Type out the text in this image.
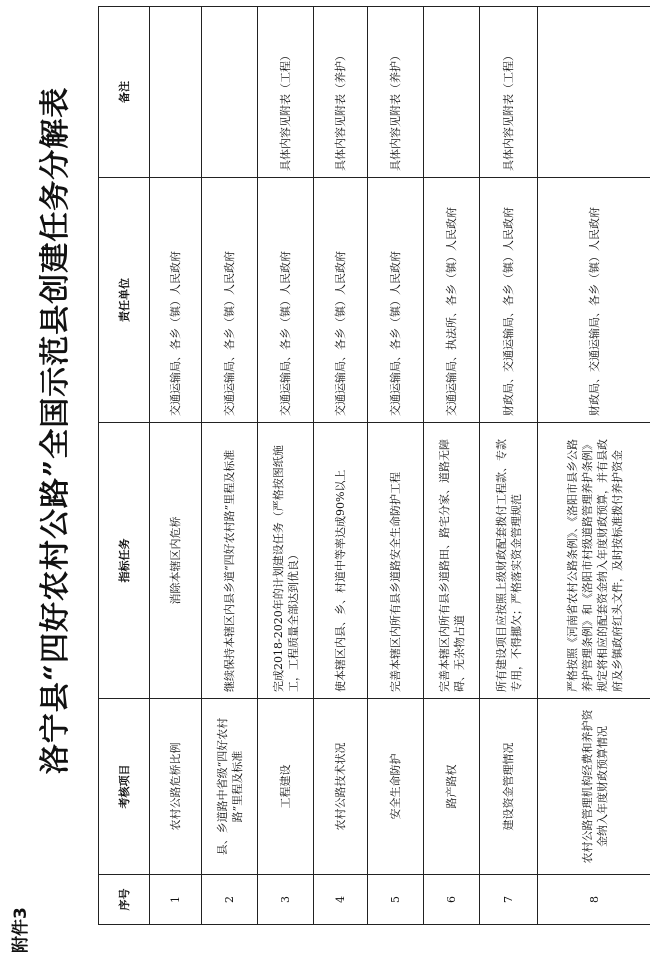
附件3
洛宁县“四好农村公路”全国示范县创建任务分解表
序号	考核项目	指标任务	责任单位	备注
1	农村公路危桥比例	消除本辖区内危桥	交通运输局、各乡（镇）人民政府	
2	县、乡道路中省级“四好农村路”里程及标准	继续保持本辖区内县乡道“四好农村路”里程及标准	交通运输局、各乡（镇）人民政府	
3	工程建设	完成2018-2020年的计划建设任务（严格按图纸施工，工程质量全部达到优良）	交通运输局、各乡（镇）人民政府	具体内容见附表（工程）
4	农村公路技术状况	使本辖区内县、乡、村道中等率达成90%以上	交通运输局、各乡（镇）人民政府	具体内容见附表（养护）
5	安全生命防护	完善本辖区内所有县乡道路安全生命防护工程	交通运输局、各乡（镇）人民政府	具体内容见附表（养护）
6	路产路权	完善本辖区内所有县乡道路田、路宅分家、道路无障碍、无杂物占道	交通运输局、执法所、各乡（镇）人民政府	
7	建设资金管理情况	所有建设项目应按照上级财政配套拨付工程款、专款专用，不得挪欠；严格落实资金管理规范	财政局、交通运输局、各乡（镇）人民政府	具体内容见附表（工程）
8	农村公路管理机构经费和养护资金纳入年度财政预算情况	严格按照《河南省农村公路条例》、《洛阳市县乡公路养护管理条例》和《洛阳市村级道路管理养护条例》规定将相应的配套资金纳入年度财政预算，并有县政府及乡镇政府红头文件，及时按标准拨付养护资金	财政局、交通运输局、各乡（镇）人民政府	
